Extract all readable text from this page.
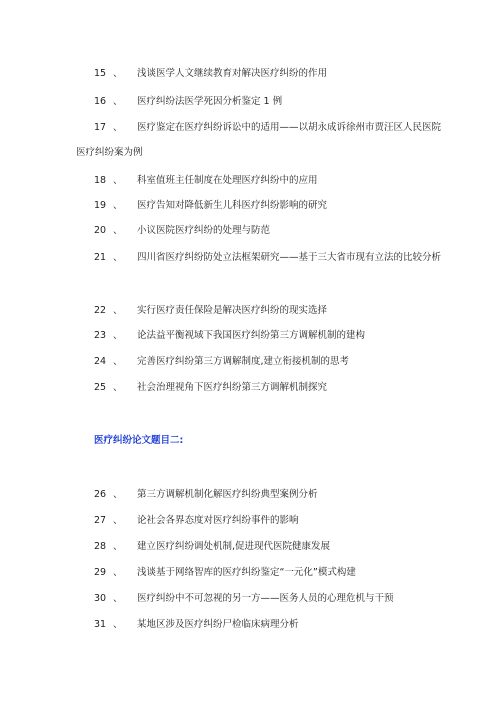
15 、 浅谈医学人文继续教育对解决医疗纠纷的作用
16 、 医疗纠纷法医学死因分析鉴定 1 例
17 、 医疗鉴定在医疗纠纷诉讼中的适用——以胡永成诉徐州市贾汪区人民医院医疗纠纷案为例
18 、 科室值班主任制度在处理医疗纠纷中的应用
19 、 医疗告知对降低新生儿科医疗纠纷影响的研究
20 、 小议医院医疗纠纷的处理与防范
21 、 四川省医疗纠纷防处立法框架研究——基于三大省市现有立法的比较分析
22 、 实行医疗责任保险是解决医疗纠纷的现实选择
23 、 论法益平衡视域下我国医疗纠纷第三方调解机制的建构
24 、 完善医疗纠纷第三方调解制度,建立衔接机制的思考
25 、 社会治理视角下医疗纠纷第三方调解机制探究
医疗纠纷论文题目二:
26 、 第三方调解机制化解医疗纠纷典型案例分析
27 、 论社会各界态度对医疗纠纷事件的影响
28 、 建立医疗纠纷调处机制,促进现代医院健康发展
29 、 浅谈基于网络智库的医疗纠纷鉴定“一元化”模式构建
30 、 医疗纠纷中不可忽视的另一方——医务人员的心理危机与干预
31 、 某地区涉及医疗纠纷尸检临床病理分析
